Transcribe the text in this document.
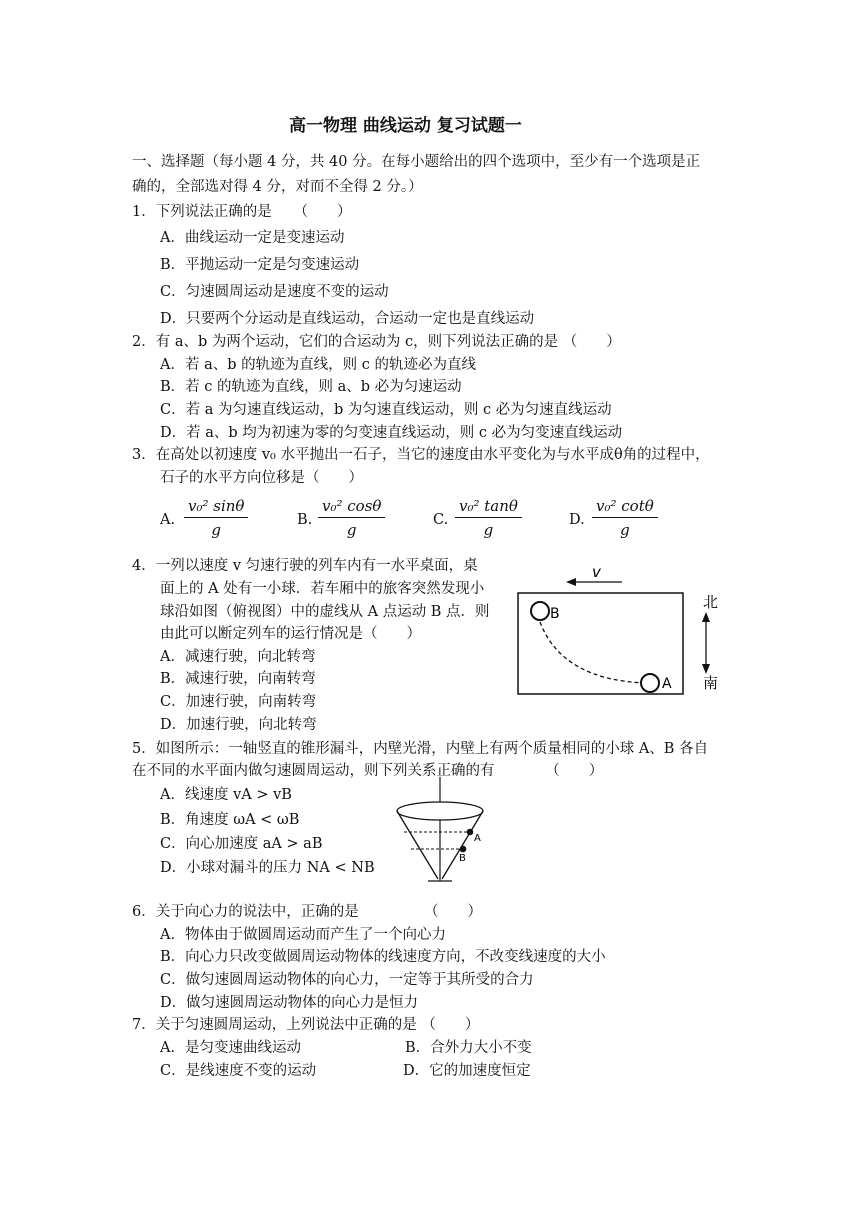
高一物理 曲线运动 复习试题一
一、选择题（每小题 4 分，共 40 分。在每小题给出的四个选项中，至少有一个选项是正
确的，全部选对得 4 分，对而不全得 2 分。）
1．下列说法正确的是　　（　　）
A．曲线运动一定是变速运动
B．平抛运动一定是匀变速运动
C．匀速圆周运动是速度不变的运动
D．只要两个分运动是直线运动，合运动一定也是直线运动
2．有 a、b 为两个运动，它们的合运动为 c，则下列说法正确的是 （　　）
A．若 a、b 的轨迹为直线，则 c 的轨迹必为直线
B．若 c 的轨迹为直线，则 a、b 必为匀速运动
C．若 a 为匀速直线运动，b 为匀速直线运动，则 c 必为匀速直线运动
D．若 a、b 均为初速为零的匀变速直线运动，则 c 必为匀变速直线运动
3．在高处以初速度 v₀ 水平抛出一石子，当它的速度由水平变化为与水平成θ角的过程中，
石子的水平方向位移是（　　）
A. $\frac{\text{v₀² sinθ}}{g}$	B. $\frac{\text{v₀² cosθ}}{g}$	C. $\frac{\text{v₀² tanθ}}{g}$	D. $\frac{\text{v₀² cotθ}}{g}$
4．一列以速度 v 匀速行驶的列车内有一水平桌面，桌
面上的 A 处有一小球．若车厢中的旅客突然发现小
球沿如图（俯视图）中的虚线从 A 点运动 B 点．则
由此可以断定列车的运行情况是（　　）
A．减速行驶，向北转弯
B．减速行驶，向南转弯
C．加速行驶，向南转弯
D．加速行驶，向北转弯
v
B
A
北
南
5．如图所示：一轴竖直的锥形漏斗，内壁光滑，内壁上有两个质量相同的小球 A、B 各自
在不同的水平面内做匀速圆周运动，则下列关系正确的有　　　　（　　）
A．线速度 vA > vB
B．角速度 ωA < ωB
C．向心加速度 aA > aB
D．小球对漏斗的压力 NA < NB
A
B
6．关于向心力的说法中，正确的是　　　　　（　　）
A．物体由于做圆周运动而产生了一个向心力
B．向心力只改变做圆周运动物体的线速度方向，不改变线速度的大小
C．做匀速圆周运动物体的向心力，一定等于其所受的合力
D．做匀速圆周运动物体的向心力是恒力
7．关于匀速圆周运动，上列说法中正确的是 （　　）
A．是匀变速曲线运动	B．合外力大小不变
C．是线速度不变的运动	D．它的加速度恒定
